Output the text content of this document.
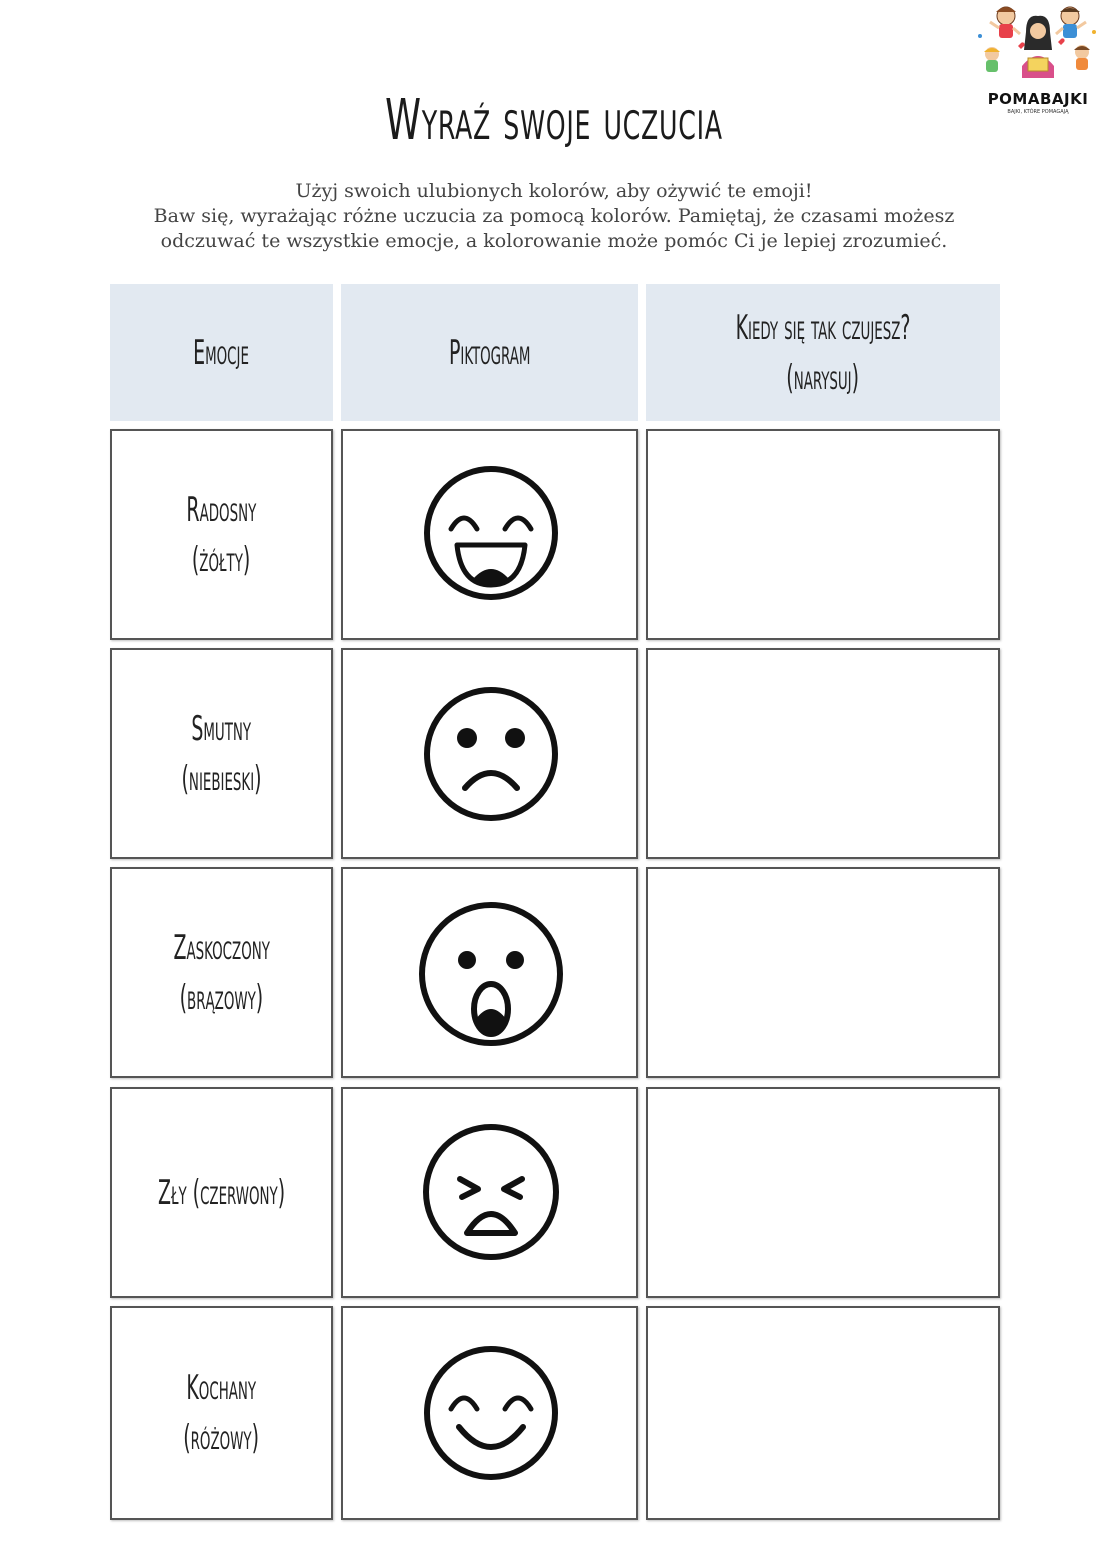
POMABAJKI
BAJKI, KTÓRE POMAGAJĄ
Wyraź swoje uczucia

Użyj swoich ulubionych kolorów, aby ożywić te emoji!

Baw się, wyrażając różne uczucia za pomocą kolorów. Pamiętaj, że czasami możesz

odczuwać te wszystkie emocje, a kolorowanie może pomóc Ci je lepiej zrozumieć.

Emocje	Piktogram
Kiedy się tak czujesz?
(narysuj)
Radosny
(żółty)
Smutny
(niebieski)
Zaskoczony
(brązowy)
Zły (czerwony)
Kochany
(różowy)
